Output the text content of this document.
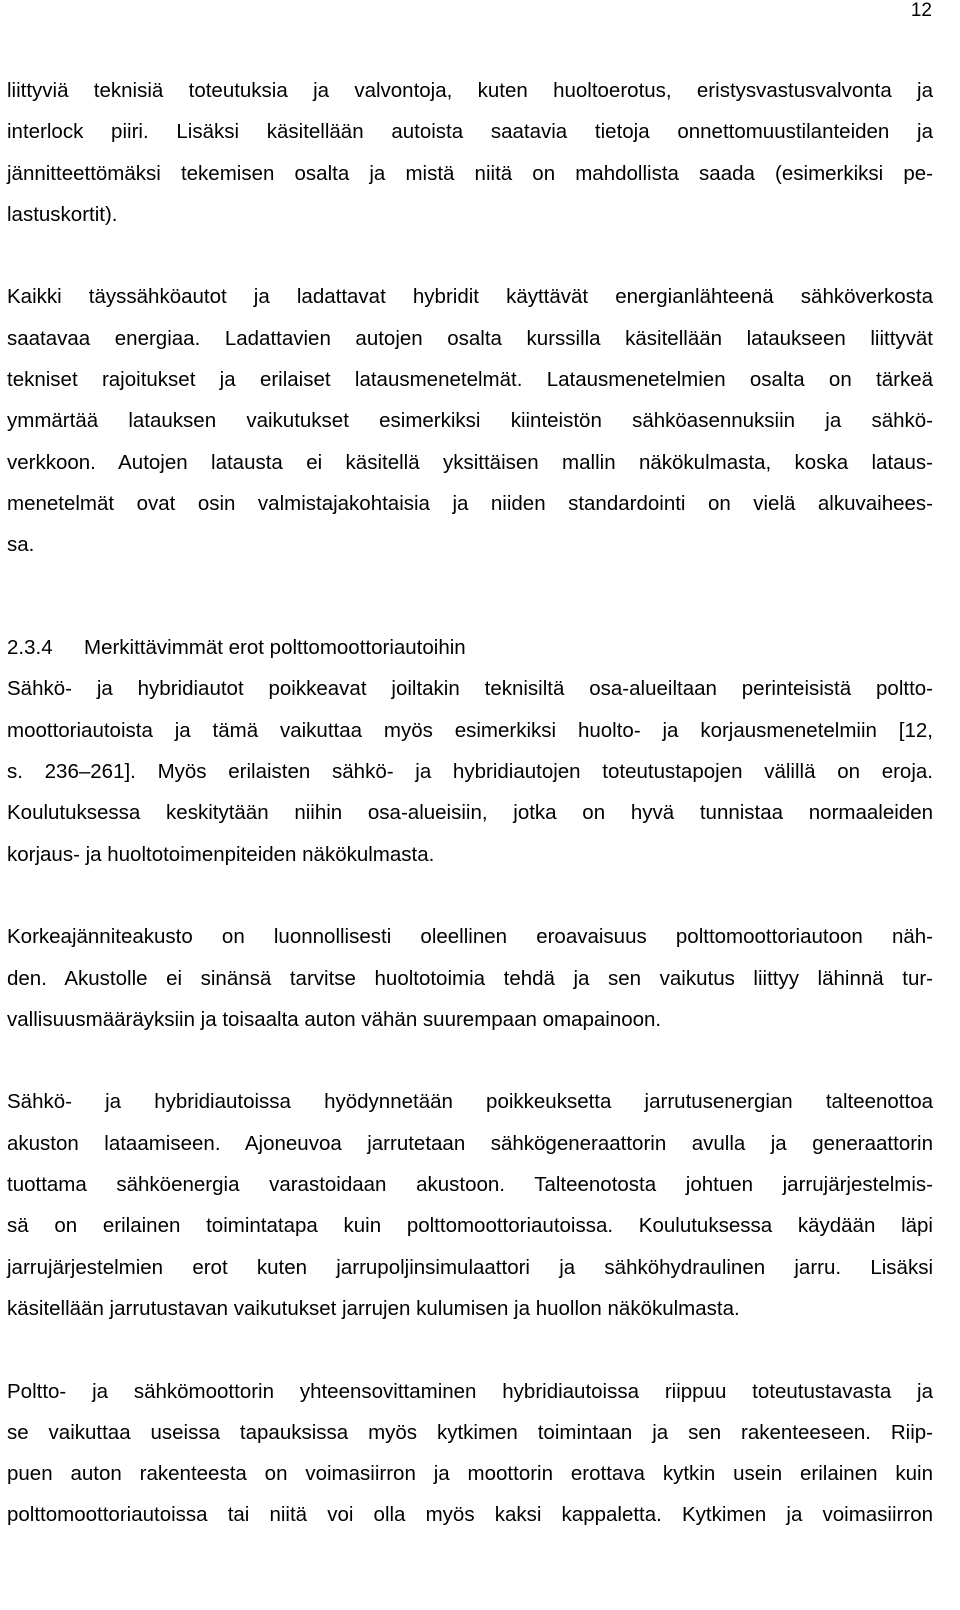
12
liittyviä teknisiä toteutuksia ja valvontoja, kuten huoltoerotus, eristysvastusvalvonta ja
interlock piiri. Lisäksi käsitellään autoista saatavia tietoja onnettomuustilanteiden ja
jännitteettömäksi tekemisen osalta ja mistä niitä on mahdollista saada (esimerkiksi pe-
lastuskortit).
Kaikki täyssähköautot ja ladattavat hybridit käyttävät energianlähteenä sähköverkosta
saatavaa energiaa. Ladattavien autojen osalta kurssilla käsitellään lataukseen liittyvät
tekniset rajoitukset ja erilaiset latausmenetelmät. Latausmenetelmien osalta on tärkeä
ymmärtää latauksen vaikutukset esimerkiksi kiinteistön sähköasennuksiin ja sähkö-
verkkoon. Autojen latausta ei käsitellä yksittäisen mallin näkökulmasta, koska lataus-
menetelmät ovat osin valmistajakohtaisia ja niiden standardointi on vielä alkuvaihees-
sa.
2.3.4 Merkittävimmät erot polttomoottoriautoihin
Sähkö- ja hybridiautot poikkeavat joiltakin teknisiltä osa-alueiltaan perinteisistä poltto-
moottoriautoista ja tämä vaikuttaa myös esimerkiksi huolto- ja korjausmenetelmiin [12,
s. 236–261]. Myös erilaisten sähkö- ja hybridiautojen toteutustapojen välillä on eroja.
Koulutuksessa keskitytään niihin osa-alueisiin, jotka on hyvä tunnistaa normaaleiden
korjaus- ja huoltotoimenpiteiden näkökulmasta.
Korkeajänniteakusto on luonnollisesti oleellinen eroavaisuus polttomoottoriautoon näh-
den. Akustolle ei sinänsä tarvitse huoltotoimia tehdä ja sen vaikutus liittyy lähinnä tur-
vallisuusmääräyksiin ja toisaalta auton vähän suurempaan omapainoon.
Sähkö- ja hybridiautoissa hyödynnetään poikkeuksetta jarrutusenergian talteenottoa
akuston lataamiseen. Ajoneuvoa jarrutetaan sähkögeneraattorin avulla ja generaattorin
tuottama sähköenergia varastoidaan akustoon. Talteenotosta johtuen jarrujärjestelmis-
sä on erilainen toimintatapa kuin polttomoottoriautoissa. Koulutuksessa käydään läpi
jarrujärjestelmien erot kuten jarrupoljinsimulaattori ja sähköhydraulinen jarru. Lisäksi
käsitellään jarrutustavan vaikutukset jarrujen kulumisen ja huollon näkökulmasta.
Poltto- ja sähkömoottorin yhteensovittaminen hybridiautoissa riippuu toteutustavasta ja
se vaikuttaa useissa tapauksissa myös kytkimen toimintaan ja sen rakenteeseen. Riip-
puen auton rakenteesta on voimasiirron ja moottorin erottava kytkin usein erilainen kuin
polttomoottoriautoissa tai niitä voi olla myös kaksi kappaletta. Kytkimen ja voimasiirron
